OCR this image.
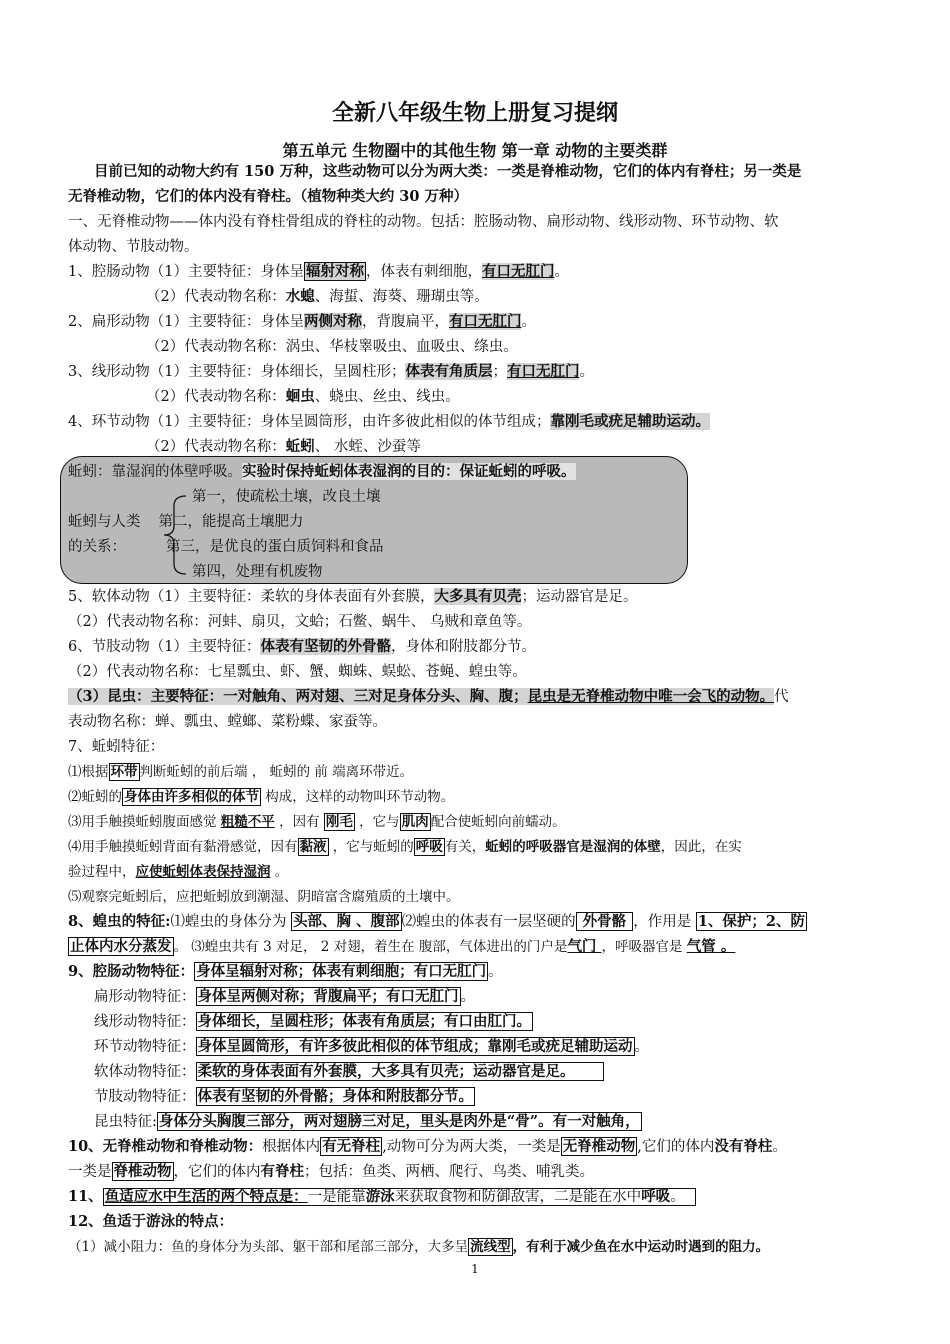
全新八年级生物上册复习提纲
第五单元 生物圈中的其他生物 第一章 动物的主要类群
目前已知的动物大约有 150 万种，这些动物可以分为两大类：一类是脊椎动物，它们的体内有脊柱；另一类是
无脊椎动物，它们的体内没有脊柱。（植物种类大约 30 万种）
一、无脊椎动物——体内没有脊柱骨组成的脊柱的动物。包括：腔肠动物、扁形动物、线形动物、环节动物、软
体动物、节肢动物。
1、腔肠动物（1）主要特征：身体呈 辐射对称 ，体表有刺细胞，有口无肛门。
（2）代表动物名称：水螅、海蜇、海葵、珊瑚虫等。
2、扁形动物（1）主要特征：身体呈两侧对称，背腹扁平，有口无肛门。
（2）代表动物名称：涡虫、华枝睾吸虫、血吸虫、绦虫。
3、线形动物（1）主要特征：身体细长，呈圆柱形；体表有角质层；有口无肛门。
（2）代表动物名称：蛔虫、蛲虫、丝虫、线虫。
4、环节动物（1）主要特征：身体呈圆筒形，由许多彼此相似的体节组成；靠刚毛或疣足辅助运动。
（2）代表动物名称：蚯蚓、 水蛭、沙蚕等
蚯蚓：靠湿润的体壁呼吸。实验时保持蚯蚓体表湿润的目的：保证蚯蚓的呼吸。
第一，使疏松土壤，改良土壤
蚯蚓与人类 第二，能提高土壤肥力
的关系：	第三，是优良的蛋白质饲料和食品
第四，处理有机废物
5、软体动物（1）主要特征：柔软的身体表面有外套膜，大多具有贝壳；运动器官是足。
（2）代表动物名称：河蚌、扇贝，文蛤；石鳖、蜗牛、 乌贼和章鱼等。
6、节肢动物（1）主要特征：体表有坚韧的外骨骼，身体和附肢都分节。
（2）代表动物名称：七星瓢虫、虾、蟹、蜘蛛、蜈蚣、苍蝇、蝗虫等。
（3）昆虫：主要特征：一对触角、两对翅、三对足身体分头、胸、腹；昆虫是无脊椎动物中唯一会飞的动物。代
表动物名称：蝉、瓢虫、螳螂、菜粉蝶、家蚕等。
7、蚯蚓特征：
⑴根据 环带 判断蚯蚓的前后端 ， 蚯蚓的 前 端离环带近。
⑵蚯蚓的 身体由许多相似的体节 构成，这样的动物叫环节动物。
⑶用手触摸蚯蚓腹面感觉 粗糙不平 ，因有 刚毛 ，它与 肌肉 配合使蚯蚓向前蠕动。
⑷用手触摸蚯蚓背面有黏滑感觉，因有 黏液 ，它与蚯蚓的 呼吸 有关，蚯蚓的呼吸器官是湿润的体壁，因此，在实
验过程中，应使蚯蚓体表保持湿润 。
⑸观察完蚯蚓后，应把蚯蚓放到潮湿、阴暗富含腐殖质的土壤中。
8、蝗虫的特征:⑴蝗虫的身体分为 头部、胸 、腹部 ⑵蝗虫的体表有一层坚硬的 外骨骼 ，作用是 1、保护；2、防
止体内水分蒸发 。 ⑶蝗虫共有 3 对足， 2 对翅，着生在 腹部，气体进出的门户是气门 ，呼吸器官是 气管 。
9、腔肠动物特征： 身体呈辐射对称；体表有刺细胞；有口无肛门 。
扁形动物特征： 身体呈两侧对称；背腹扁平；有口无肛门 。
线形动物特征： 身体细长，呈圆柱形；体表有角质层；有口由肛门。
环节动物特征： 身体呈圆筒形，有许多彼此相似的体节组成；靠刚毛或疣足辅助运动 。
软体动物特征： 柔软的身体表面有外套膜，大多具有贝壳；运动器官是足。
节肢动物特征： 体表有坚韧的外骨骼；身体和附肢都分节。
昆虫特征: 身体分头胸腹三部分，两对翅膀三对足，里头是肉外是“骨”。有一对触角，
10、无脊椎动物和脊椎动物：根据体内 有无脊柱 ,动物可分为两大类，一类是 无脊椎动物 ,它们的体内没有脊柱。
一类是 脊椎动物 ，它们的体内有脊柱；包括：鱼类、两栖、爬行、鸟类、哺乳类。
11、 鱼适应水中生活的两个特点是：一是能靠游泳来获取食物和防御敌害，二是能在水中呼吸。
12、鱼适于游泳的特点：
（1）减小阻力：鱼的身体分为头部、躯干部和尾部三部分，大多呈 流线型 ，有利于减少鱼在水中运动时遇到的阻力。
1
